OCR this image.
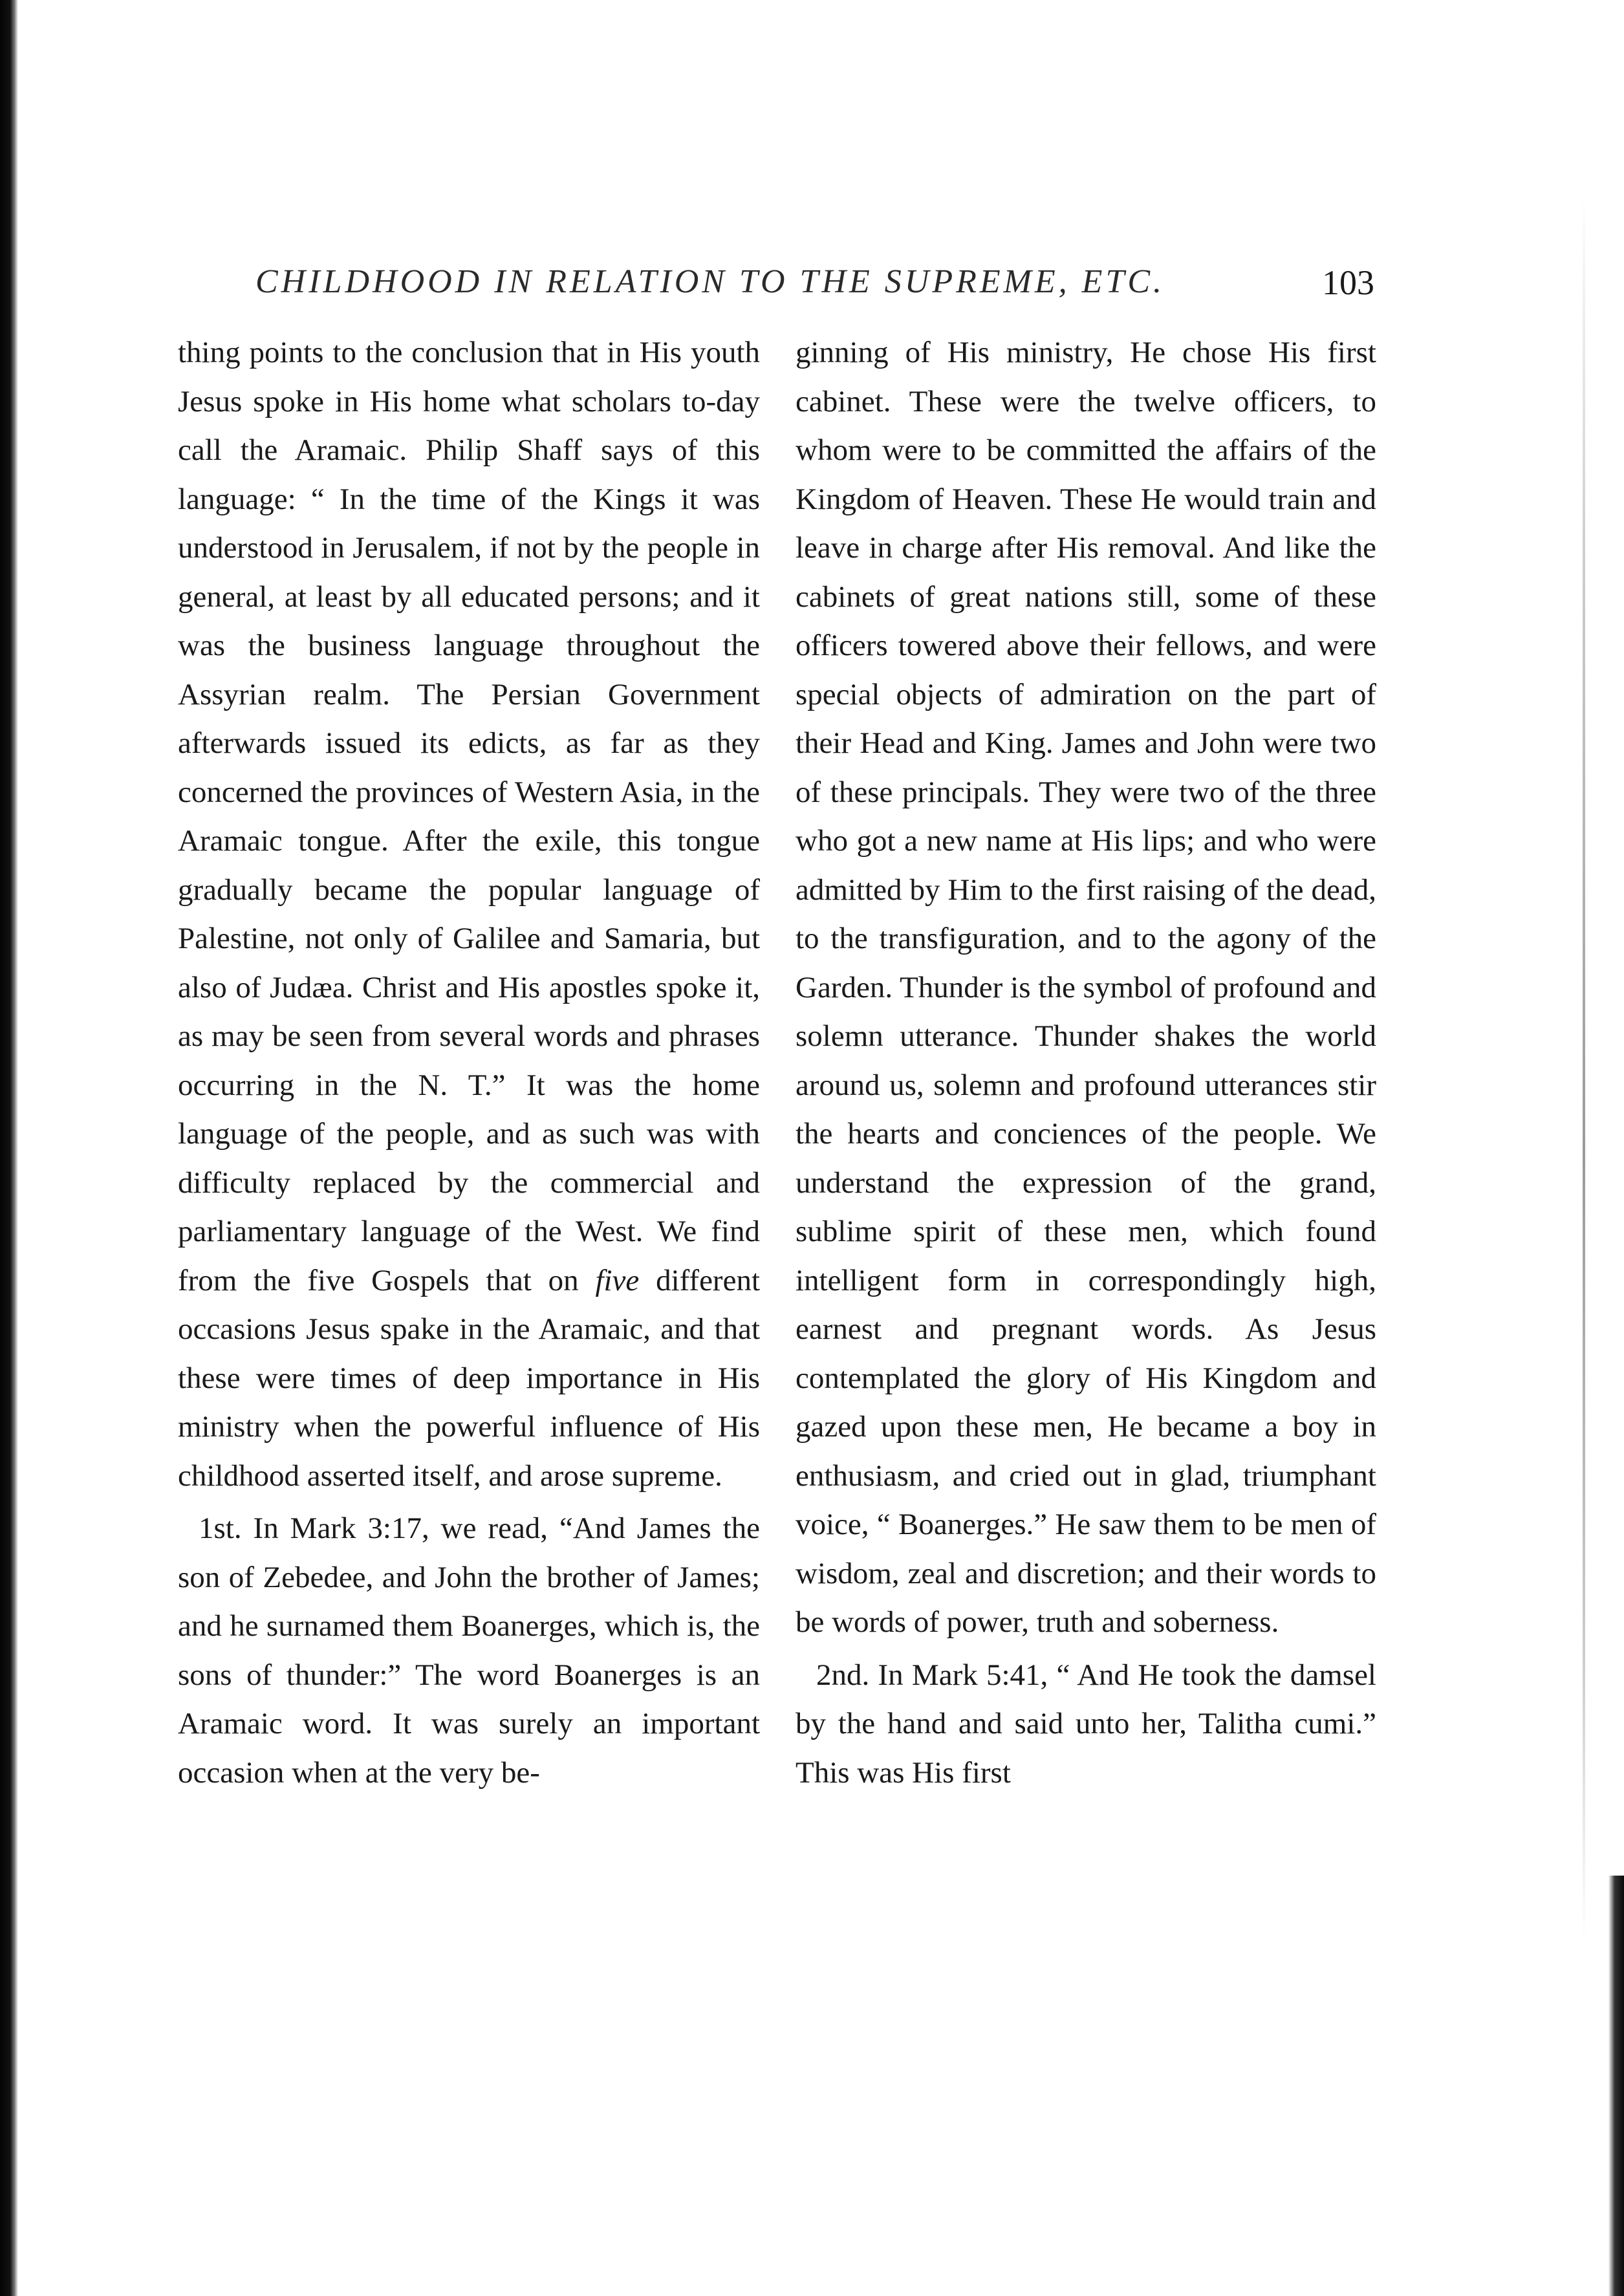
CHILDHOOD IN RELATION TO THE SUPREME, ETC.	103

thing points to the conclusion that in His youth Jesus spoke in His home what scholars to-day call the Aramaic. Philip Shaff says of this language: “ In the time of the Kings it was understood in Jerusalem, if not by the people in general, at least by all educated persons; and it was the business language throughout the Assyrian realm. The Persian Government afterwards issued its edicts, as far as they concerned the provinces of Western Asia, in the Aramaic tongue. After the exile, this tongue gradually became the popular language of Palestine, not only of Galilee and Samaria, but also of Judæa. Christ and His apostles spoke it, as may be seen from several words and phrases occurring in the N. T.” It was the home language of the people, and as such was with difficulty replaced by the commercial and parliamentary language of the West. We find from the five Gospels that on five different occasions Jesus spake in the Aramaic, and that these were times of deep importance in His ministry when the powerful influence of His childhood asserted itself, and arose supreme.

1st. In Mark 3:17, we read, “And James the son of Zebedee, and John the brother of James; and he surnamed them Boanerges, which is, the sons of thunder:” The word Boanerges is an Aramaic word. It was surely an important occasion when at the very be-

ginning of His ministry, He chose His first cabinet. These were the twelve officers, to whom were to be committed the affairs of the Kingdom of Heaven. These He would train and leave in charge after His removal. And like the cabinets of great nations still, some of these officers towered above their fellows, and were special objects of admiration on the part of their Head and King. James and John were two of these principals. They were two of the three who got a new name at His lips; and who were admitted by Him to the first raising of the dead, to the transfiguration, and to the agony of the Garden. Thunder is the symbol of profound and solemn utterance. Thunder shakes the world around us, solemn and profound utterances stir the hearts and conciences of the people. We understand the expression of the grand, sublime spirit of these men, which found intelligent form in correspondingly high, earnest and pregnant words. As Jesus contemplated the glory of His Kingdom and gazed upon these men, He became a boy in enthusiasm, and cried out in glad, triumphant voice, “ Boanerges.” He saw them to be men of wisdom, zeal and discretion; and their words to be words of power, truth and soberness.

2nd. In Mark 5:41, “ And He took the damsel by the hand and said unto her, Talitha cumi.” This was His first
